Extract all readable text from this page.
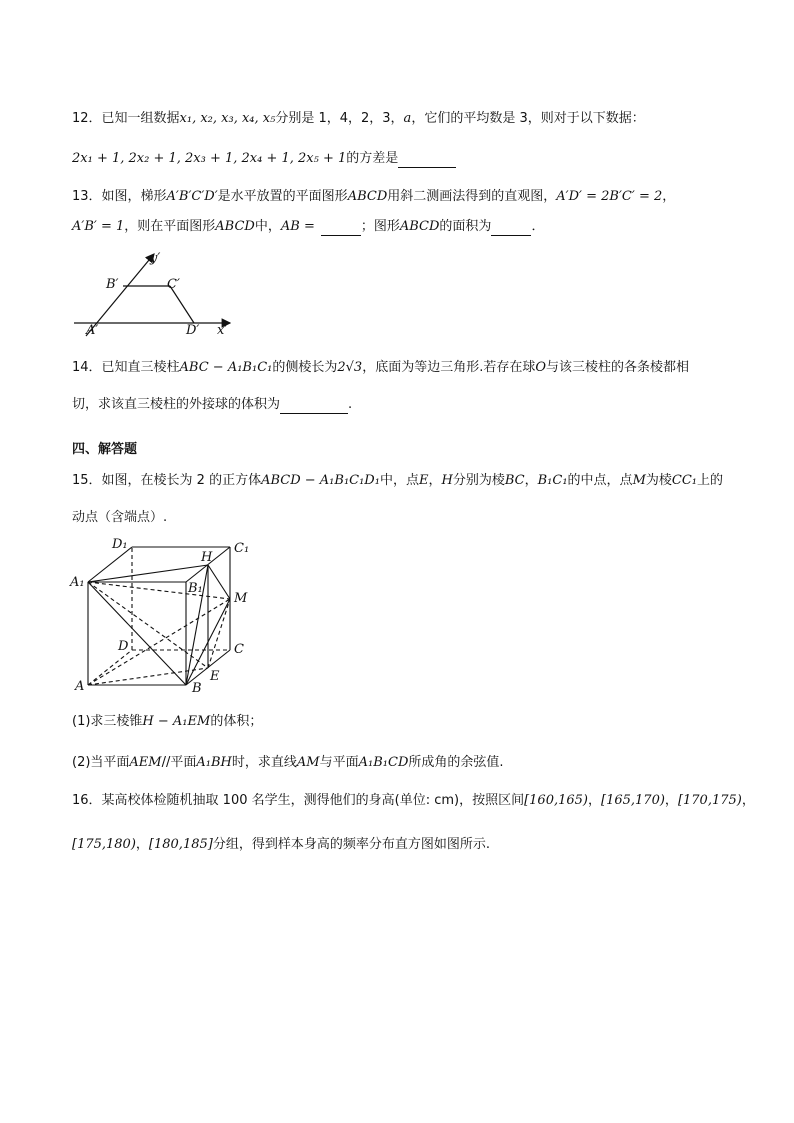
12．已知一组数据x₁, x₂, x₃, x₄, x₅分别是 1，4，2，3，a，它们的平均数是 3，则对于以下数据：
2x₁ + 1, 2x₂ + 1, 2x₃ + 1, 2x₄ + 1, 2x₅ + 1的方差是
13．如图，梯形A′B′C′D′是水平放置的平面图形ABCD用斜二测画法得到的直观图，A′D′ = 2B′C′ = 2，
A′B′ = 1，则在平面图形ABCD中，AB =	；图形ABCD的面积为	．
A′
B′	C′
D′ x′
y′
14．已知直三棱柱ABC − A₁B₁C₁的侧棱长为2√3，底面为等边三角形.若存在球O与该三棱柱的各条棱都相
切，求该直三棱柱的外接球的体积为	.
四、解答题
15．如图，在棱长为 2 的正方体ABCD − A₁B₁C₁D₁中，点E，H分别为棱BC，B₁C₁的中点，点M为棱CC₁上的
动点（含端点）.
D₁	C₁
A₁	B₁
H
M
D	C
A	B
E
(1)求三棱锥H − A₁EM的体积；
(2)当平面AEM//平面A₁BH时，求直线AM与平面A₁B₁CD所成角的余弦值.
16．某高校体检随机抽取 100 名学生，测得他们的身高(单位: cm)，按照区间[160,165)，[165,170)，[170,175)，
[175,180)，[180,185]分组，得到样本身高的频率分布直方图如图所示.
